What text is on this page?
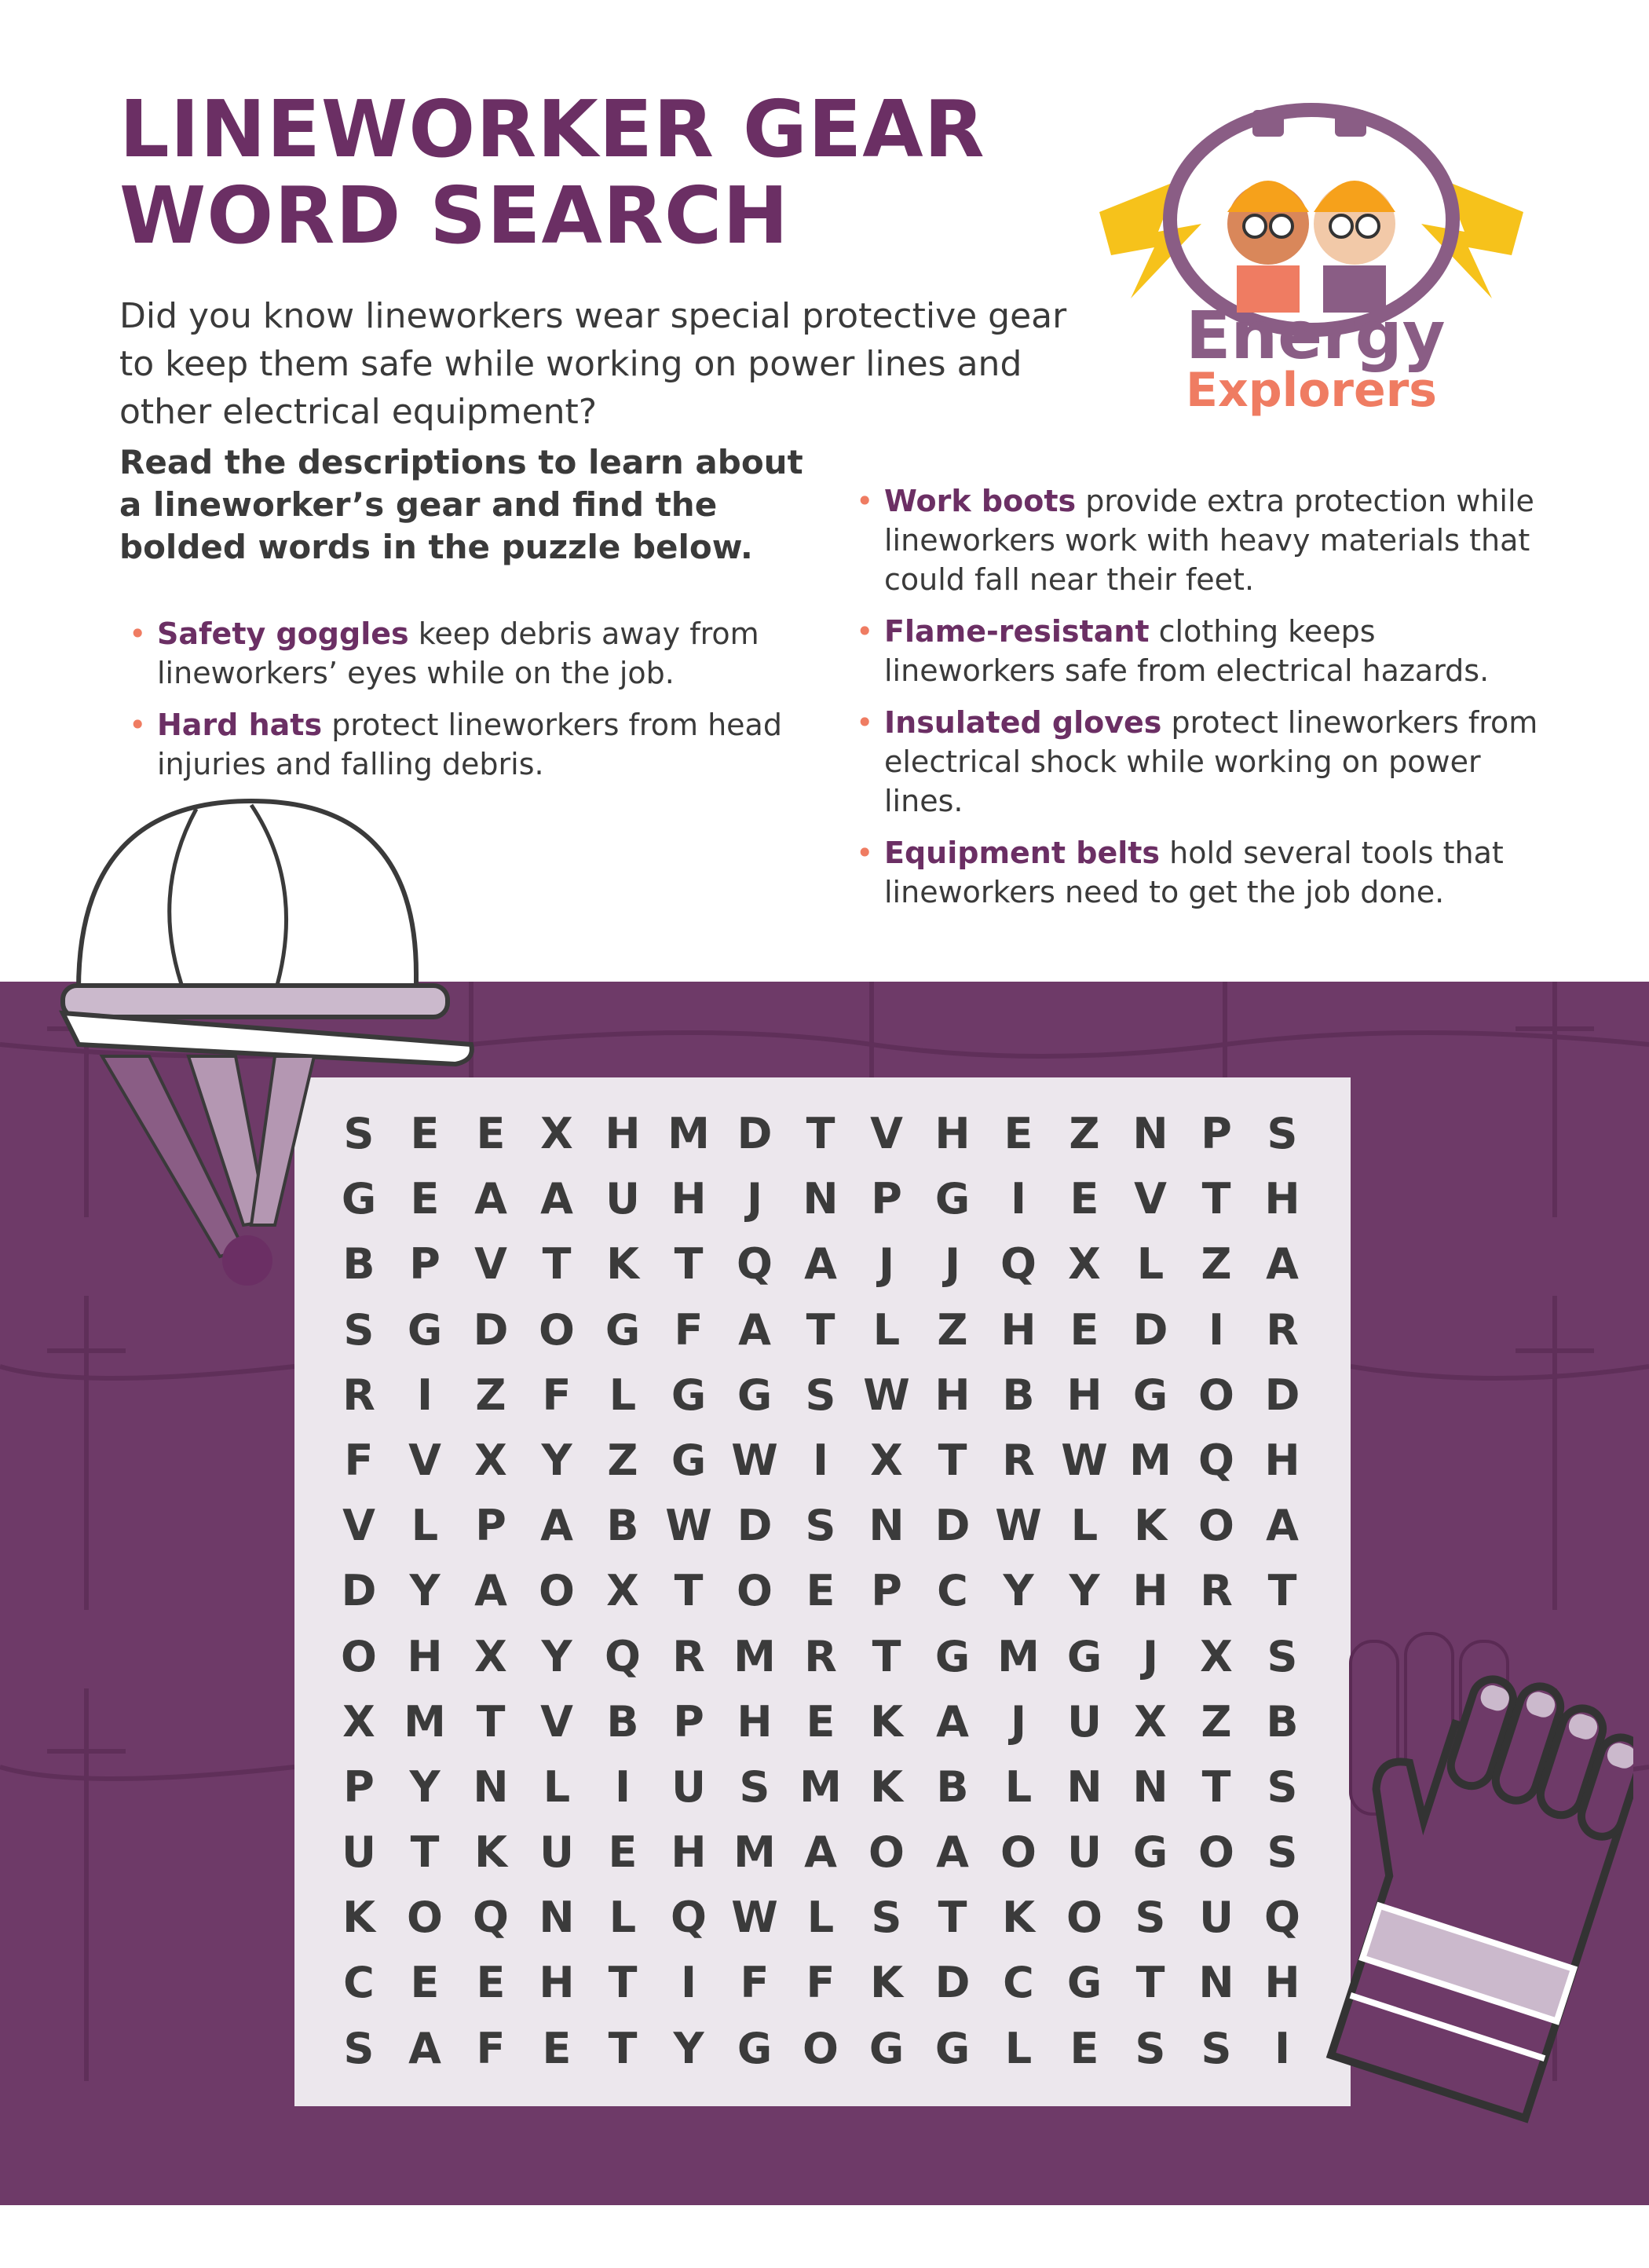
LINEWORKER GEAR
WORD SEARCH

Did you know lineworkers wear special protective gear to keep them safe while working on power lines and other electrical equipment?

Read the descriptions to learn about a lineworker’s gear and find the bolded words in the puzzle below.

• Safety goggles keep debris away from lineworkers’ eyes while on the job.
• Hard hats protect lineworkers from head injuries and falling debris.
• Work boots provide extra protection while lineworkers work with heavy materials that could fall near their feet.
• Flame-resistant clothing keeps lineworkers safe from electrical hazards.
• Insulated gloves protect lineworkers from electrical shock while working on power lines.
• Equipment belts hold several tools that lineworkers need to get the job done.
Energy
Explorers
S E E X H M D T V H E Z N P S
G E A A U H J N P G I	E V T H
B P V T K T Q A J	J Q X L Z A
S G D O G F A T L Z H E D I R
R I	Z F L G G S W H B H G O D
F V X Y Z G W I X T R W M Q H
V L P A B W D S N D W L K O A
D Y A O X T O E P C Y Y H R T
O H X Y Q R M R T G M G J X S
X M T V B P H E K A J U X Z B
P Y N L	I U S M K B L N N T S
U T K U E H M A O A O U G O S
K O Q N L Q W L S T K O S U Q
C E E H T	I	F F K D C G T N H
S A F E T Y G O G G L E S S	I
